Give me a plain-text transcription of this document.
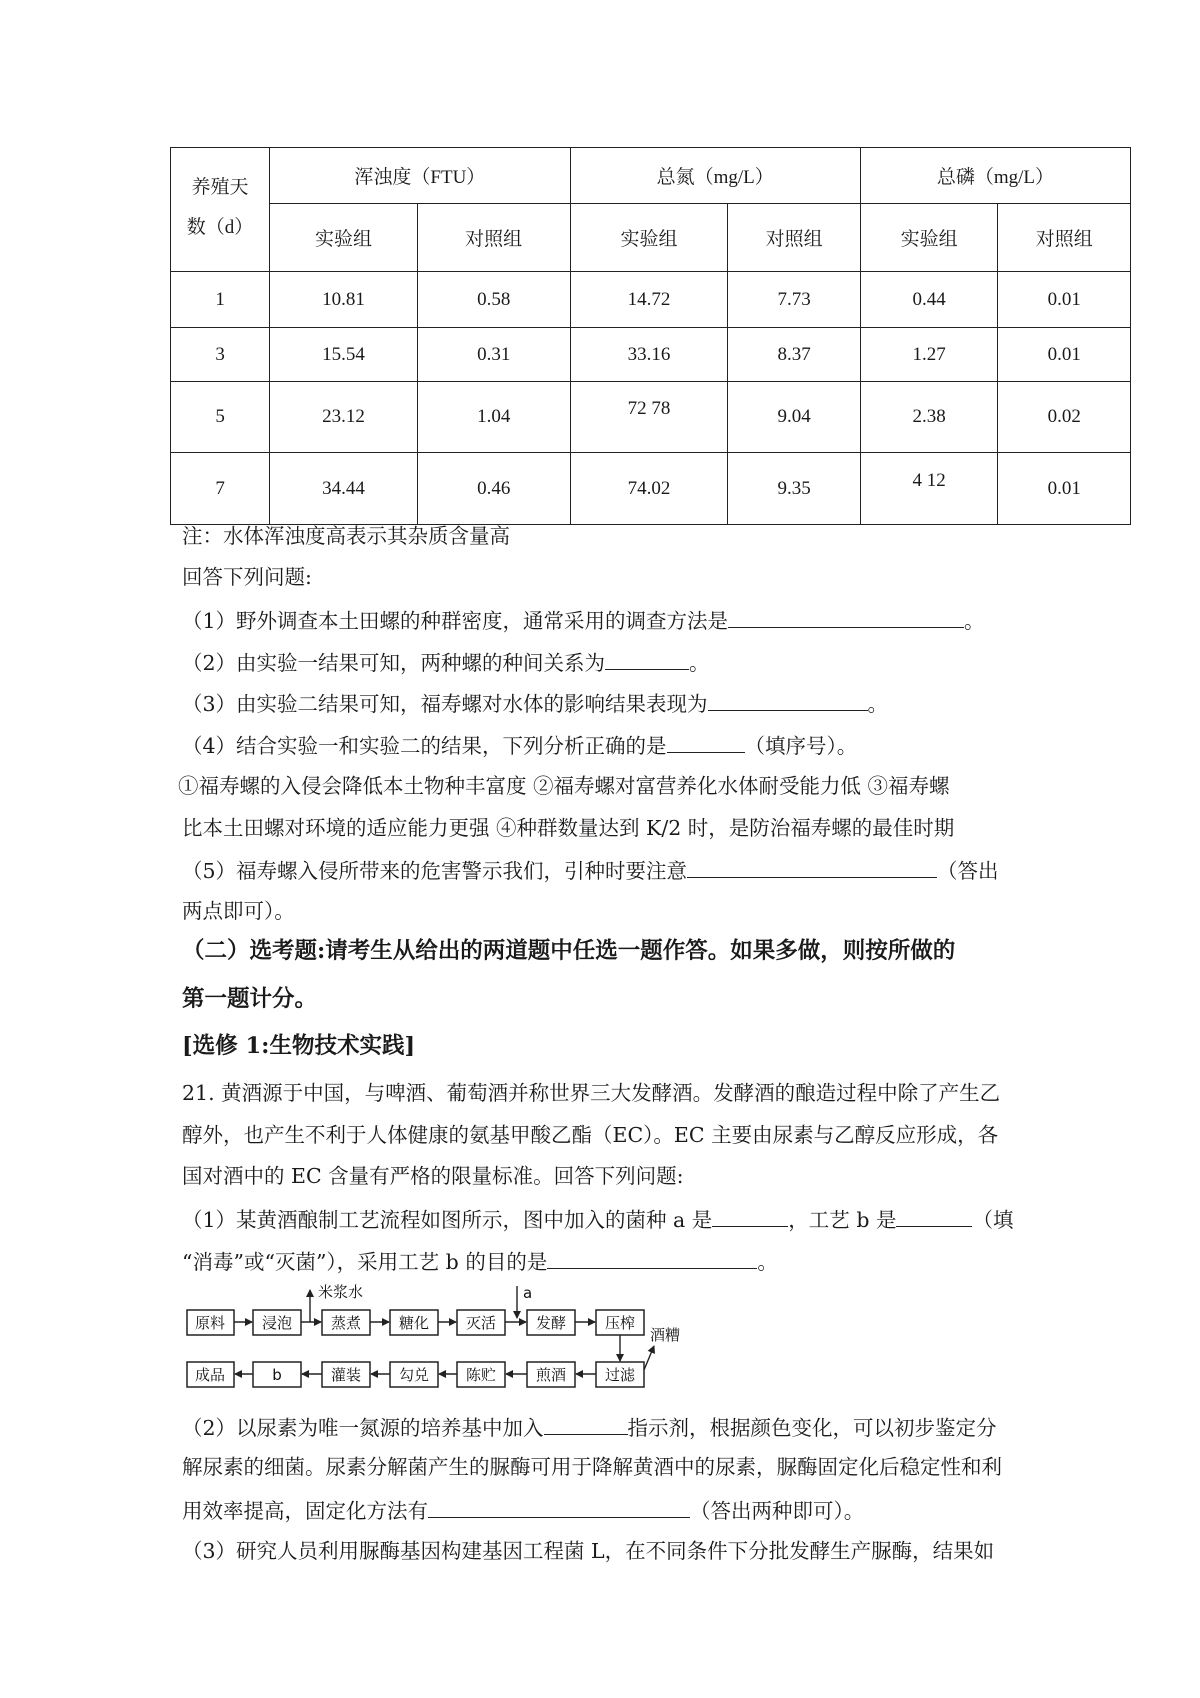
养殖天
数（d）	浑浊度（FTU）		总氮（mg/L）		总磷（mg/L）	
	实验组	对照组	实验组	对照组	实验组	对照组
1	10.81	0.58	14.72	7.73	0.44	0.01
3	15.54	0.31	33.16	8.37	1.27	0.01
5	23.12	1.04	72 78	9.04	2.38	0.02
7	34.44	0.46	74.02	9.35	4 12	0.01
注：水体浑浊度高表示其杂质含量高
回答下列问题:
（1）野外调查本土田螺的种群密度，通常采用的调查方法是	。
（2）由实验一结果可知，两种螺的种间关系为	。
（3）由实验二结果可知，福寿螺对水体的影响结果表现为	。
（4）结合实验一和实验二的结果，下列分析正确的是	（填序号）。
①福寿螺的入侵会降低本土物种丰富度 ②福寿螺对富营养化水体耐受能力低 ③福寿螺
比本土田螺对环境的适应能力更强 ④种群数量达到 K/2 时，是防治福寿螺的最佳时期
（5）福寿螺入侵所带来的危害警示我们，引种时要注意	（答出
两点即可）。
（二）选考题:请考生从给出的两道题中任选一题作答。如果多做，则按所做的
第一题计分。
[选修 1:生物技术实践]
21. 黄酒源于中国，与啤酒、葡萄酒并称世界三大发酵酒。发酵酒的酿造过程中除了产生乙
醇外，也产生不利于人体健康的氨基甲酸乙酯（EC）。EC 主要由尿素与乙醇反应形成，各
国对酒中的 EC 含量有严格的限量标准。回答下列问题:
（1）某黄酒酿制工艺流程如图所示，图中加入的菌种 a 是	，工艺 b 是	（填
“消毒”或“灭菌”），采用工艺 b 的目的是	。
原料 浸泡	蒸煮	糖化 灭活	发酵	压榨
成品	b	灌装	勾兑 陈贮	煎酒	过滤
米浆水	a
酒糟
（2）以尿素为唯一氮源的培养基中加入	指示剂，根据颜色变化，可以初步鉴定分
解尿素的细菌。尿素分解菌产生的脲酶可用于降解黄酒中的尿素，脲酶固定化后稳定性和利
用效率提高，固定化方法有	（答出两种即可）。
（3）研究人员利用脲酶基因构建基因工程菌 L，在不同条件下分批发酵生产脲酶，结果如
